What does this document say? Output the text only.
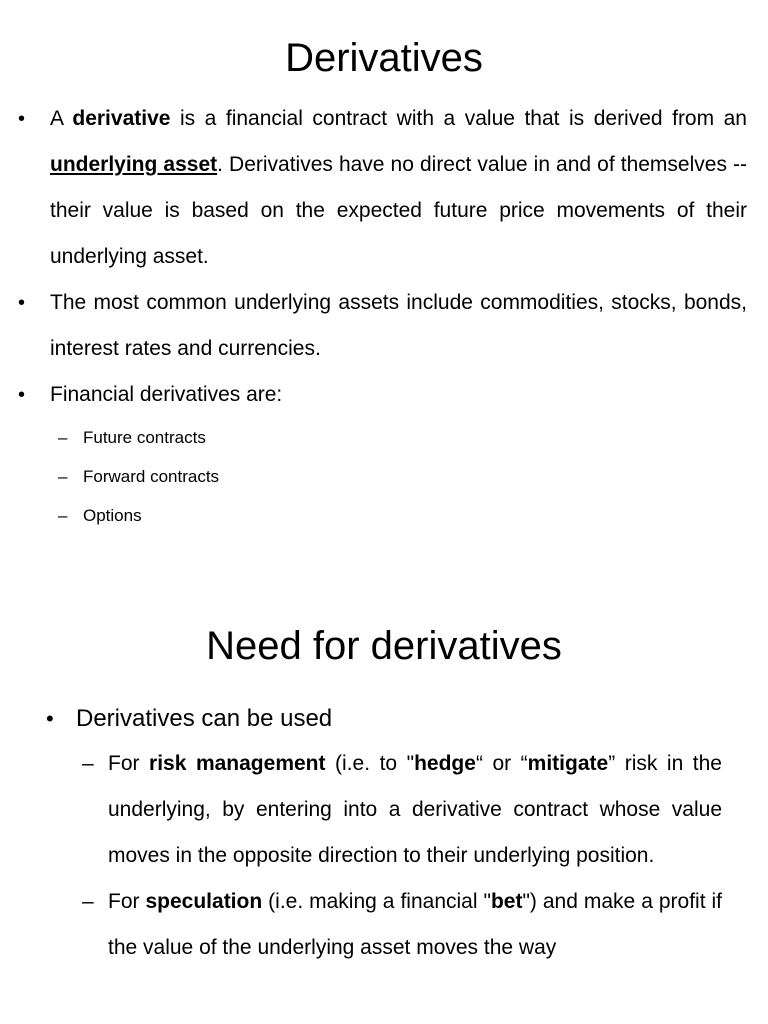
Derivatives
• A derivative is a financial contract with a value that is derived from an underlying asset. Derivatives have no direct value in and of themselves -- their value is based on the expected future price movements of their underlying asset.
• The most common underlying assets include commodities, stocks, bonds, interest rates and currencies.
• Financial derivatives are:
– Future contracts
– Forward contracts
– Options
Need for derivatives
• Derivatives can be used
– For risk management (i.e. to "hedge“ or “mitigate” risk in the underlying, by entering into a derivative contract whose value moves in the opposite direction to their underlying position.
– For speculation (i.e. making a financial "bet") and make a profit if the value of the underlying asset moves the way
